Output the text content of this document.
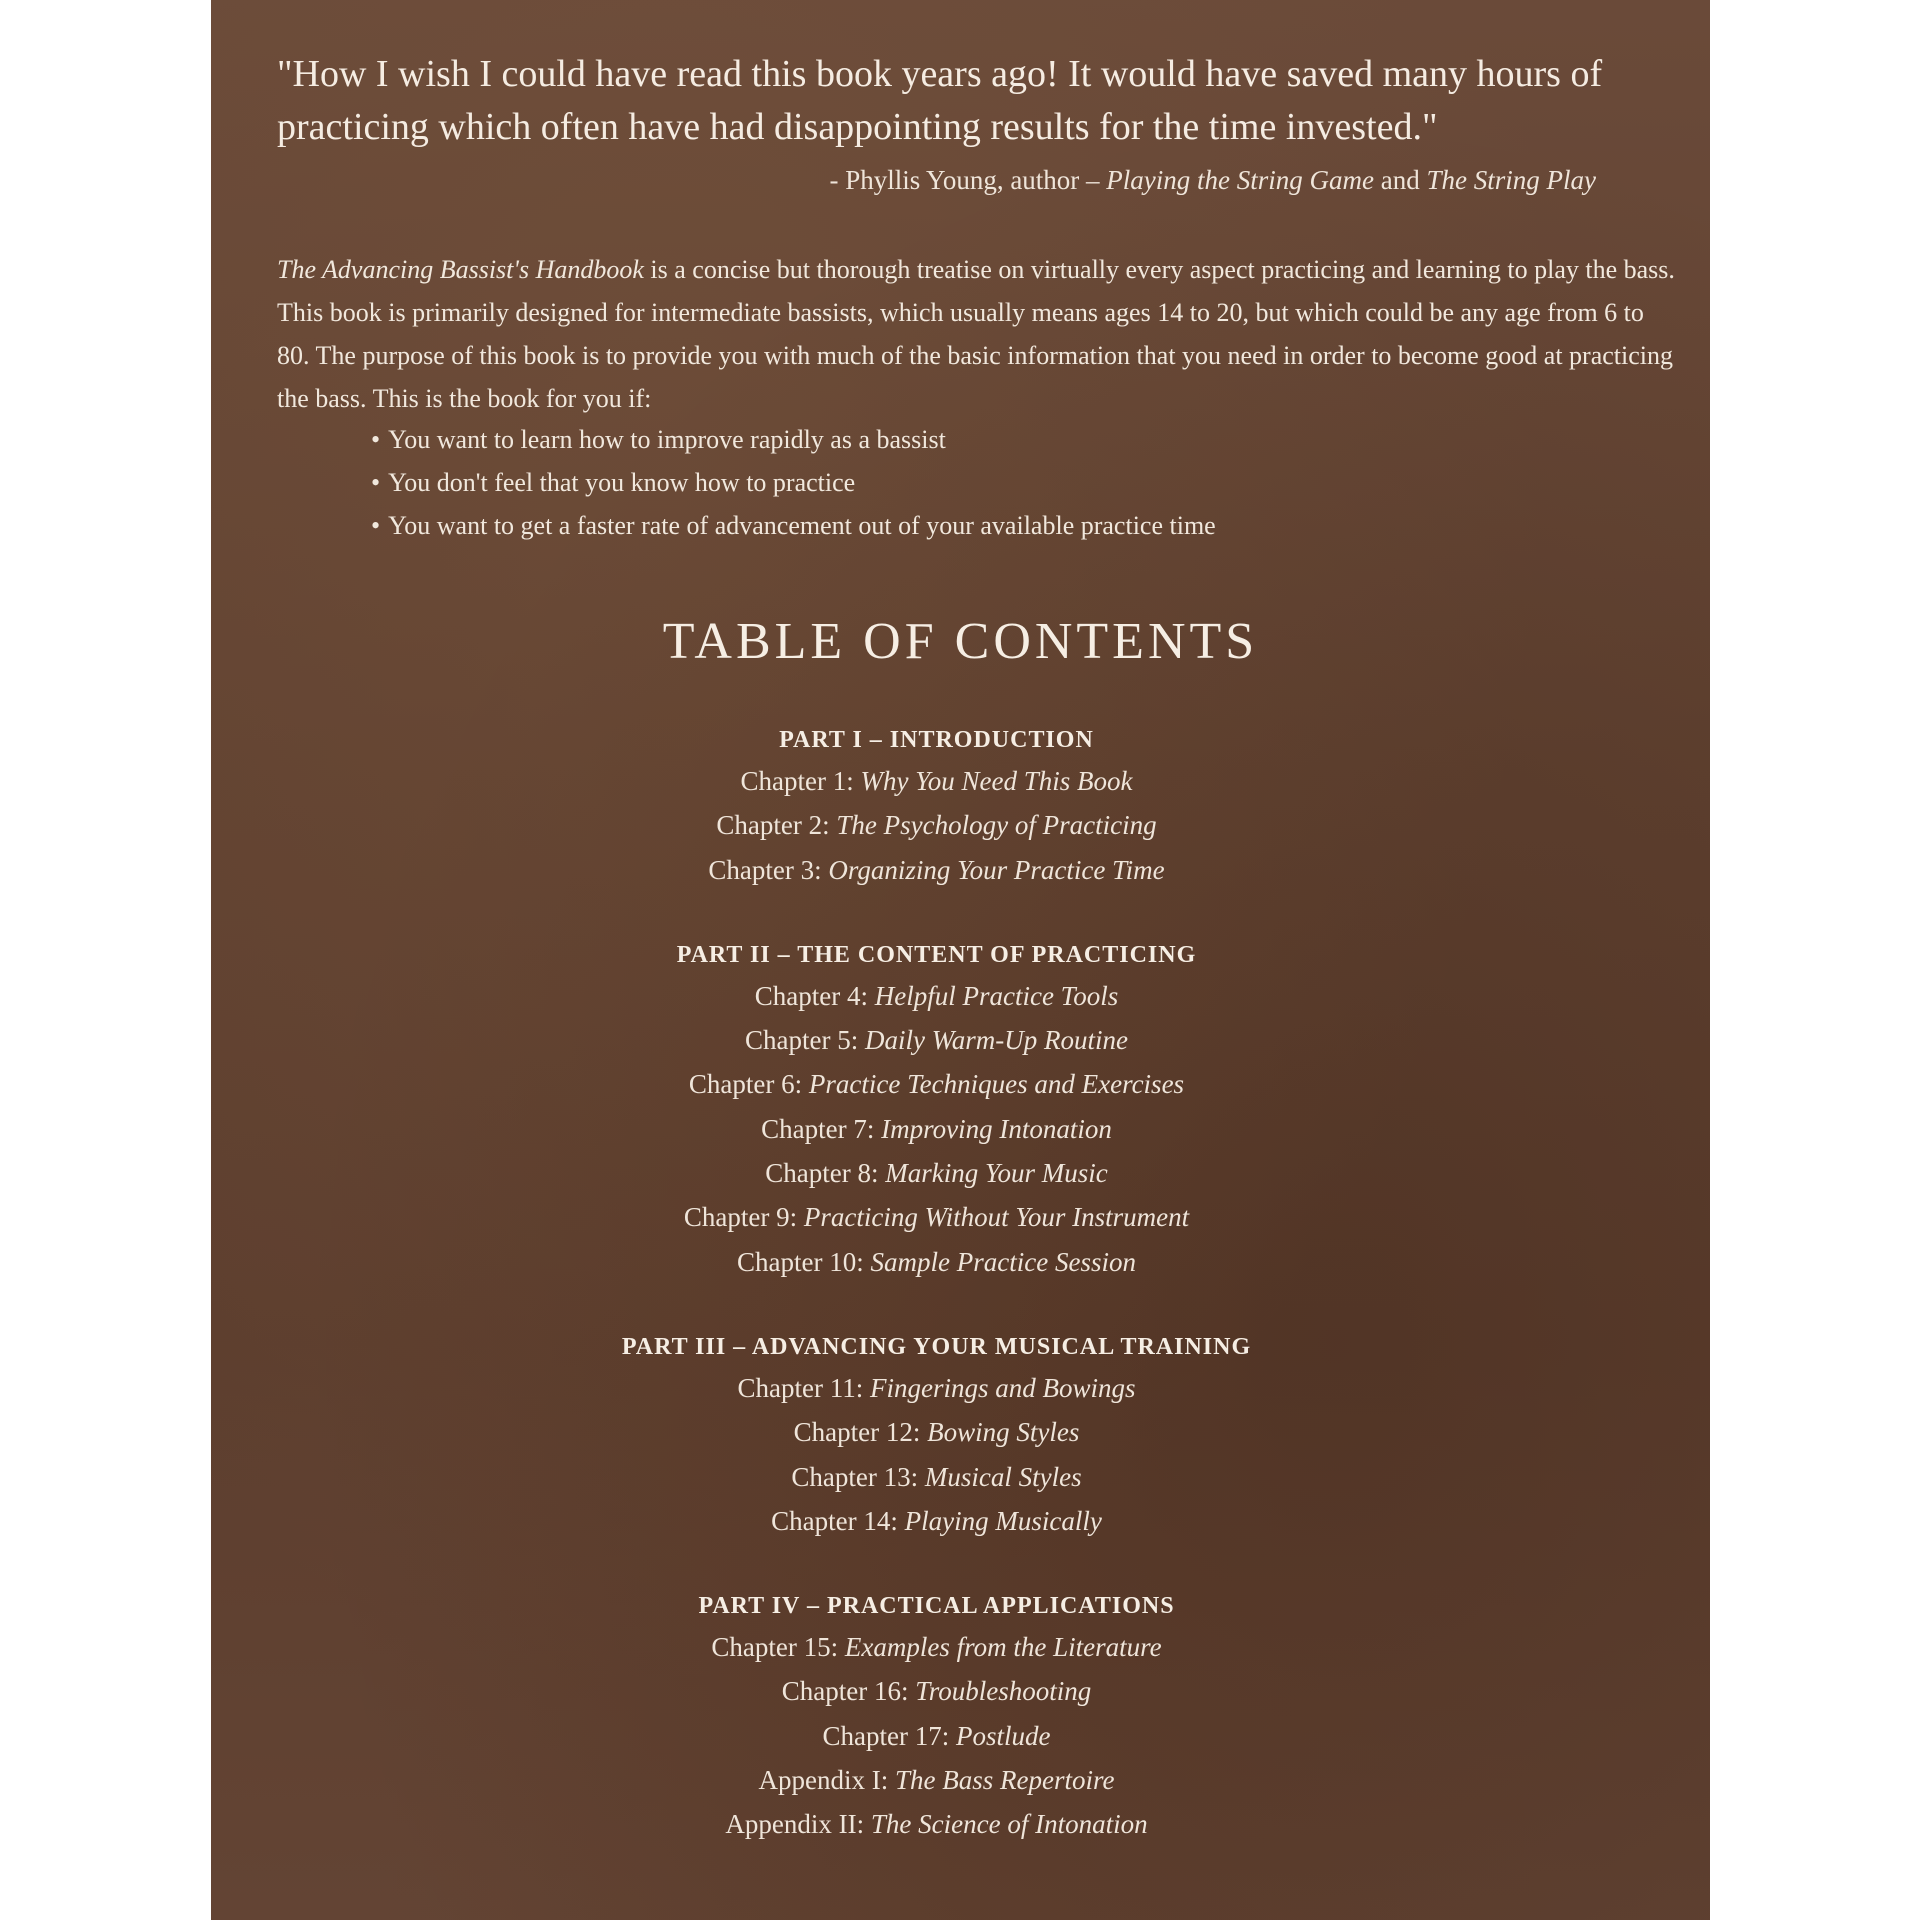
"How I wish I could have read this book years ago! It would have saved many hours of practicing which often have had disappointing results for the time invested."

- Phyllis Young, author – Playing the String Game and The String Play

The Advancing Bassist's Handbook is a concise but thorough treatise on virtually every aspect practicing and learning to play the bass. This book is primarily designed for intermediate bassists, which usually means ages 14 to 20, but which could be any age from 6 to 80. The purpose of this book is to provide you with much of the basic information that you need in order to become good at practicing the bass. This is the book for you if:

• You want to learn how to improve rapidly as a bassist
• You don't feel that you know how to practice
• You want to get a faster rate of advancement out of your available practice time
TABLE OF CONTENTS

PART I – INTRODUCTION

Chapter 1: Why You Need This Book

Chapter 2: The Psychology of Practicing

Chapter 3: Organizing Your Practice Time

PART II – THE CONTENT OF PRACTICING

Chapter 4: Helpful Practice Tools

Chapter 5: Daily Warm-Up Routine

Chapter 6: Practice Techniques and Exercises

Chapter 7: Improving Intonation

Chapter 8: Marking Your Music

Chapter 9: Practicing Without Your Instrument

Chapter 10: Sample Practice Session

PART III – ADVANCING YOUR MUSICAL TRAINING

Chapter 11: Fingerings and Bowings

Chapter 12: Bowing Styles

Chapter 13: Musical Styles

Chapter 14: Playing Musically

PART IV – PRACTICAL APPLICATIONS

Chapter 15: Examples from the Literature

Chapter 16: Troubleshooting

Chapter 17: Postlude

Appendix I: The Bass Repertoire

Appendix II: The Science of Intonation
